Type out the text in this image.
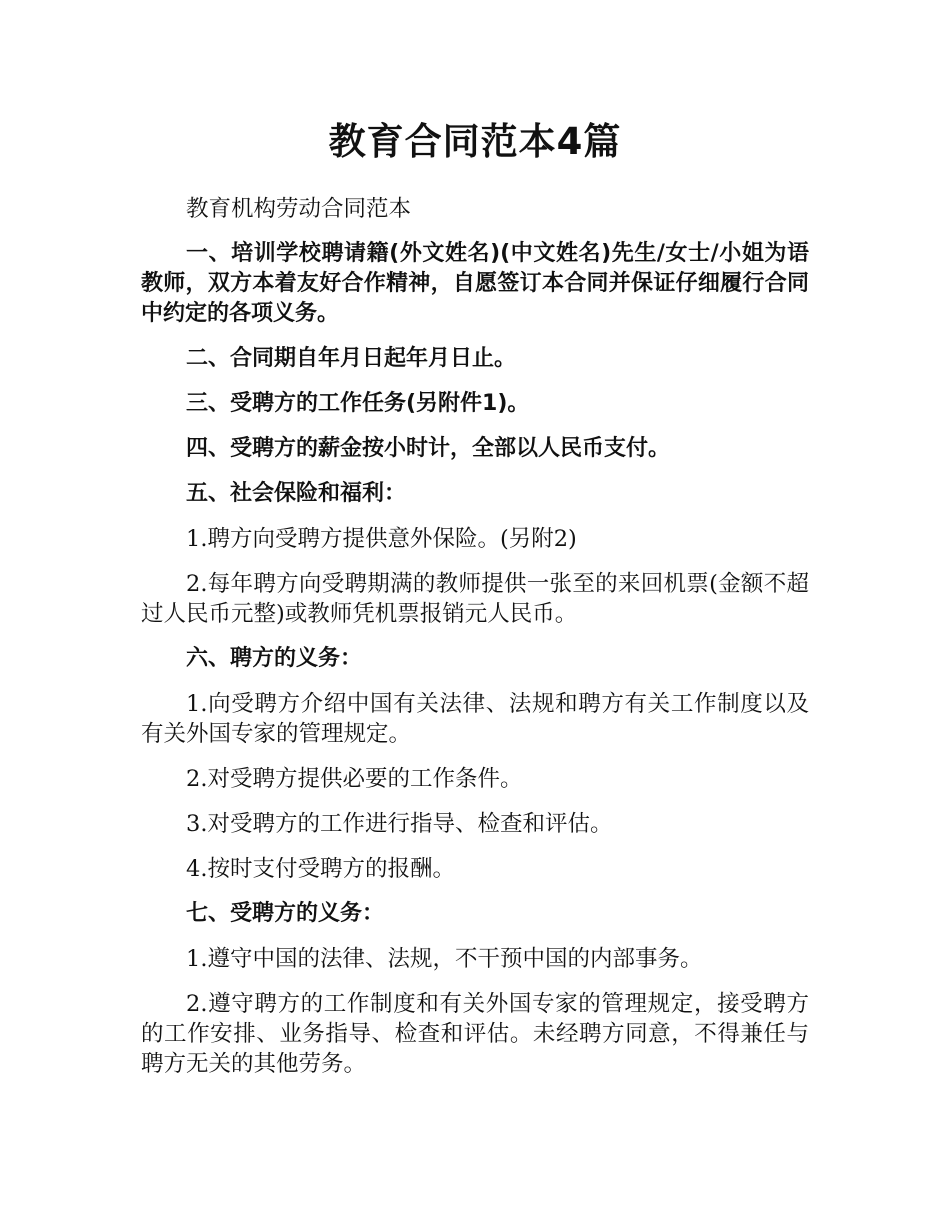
教育合同范本4篇

教育机构劳动合同范本

一、培训学校聘请籍(外文姓名)(中文姓名)先生/女士/小姐为语教师，双方本着友好合作精神，自愿签订本合同并保证仔细履行合同中约定的各项义务。

二、合同期自年月日起年月日止。

三、受聘方的工作任务(另附件1)。

四、受聘方的薪金按小时计，全部以人民币支付。

五、社会保险和福利：

1.聘方向受聘方提供意外保险。(另附2)

2.每年聘方向受聘期满的教师提供一张至的来回机票(金额不超过人民币元整)或教师凭机票报销元人民币。

六、聘方的义务：

1.向受聘方介绍中国有关法律、法规和聘方有关工作制度以及有关外国专家的管理规定。

2.对受聘方提供必要的工作条件。

3.对受聘方的工作进行指导、检查和评估。

4.按时支付受聘方的报酬。

七、受聘方的义务：

1.遵守中国的法律、法规，不干预中国的内部事务。

2.遵守聘方的工作制度和有关外国专家的管理规定，接受聘方的工作安排、业务指导、检查和评估。未经聘方同意，不得兼任与聘方无关的其他劳务。
